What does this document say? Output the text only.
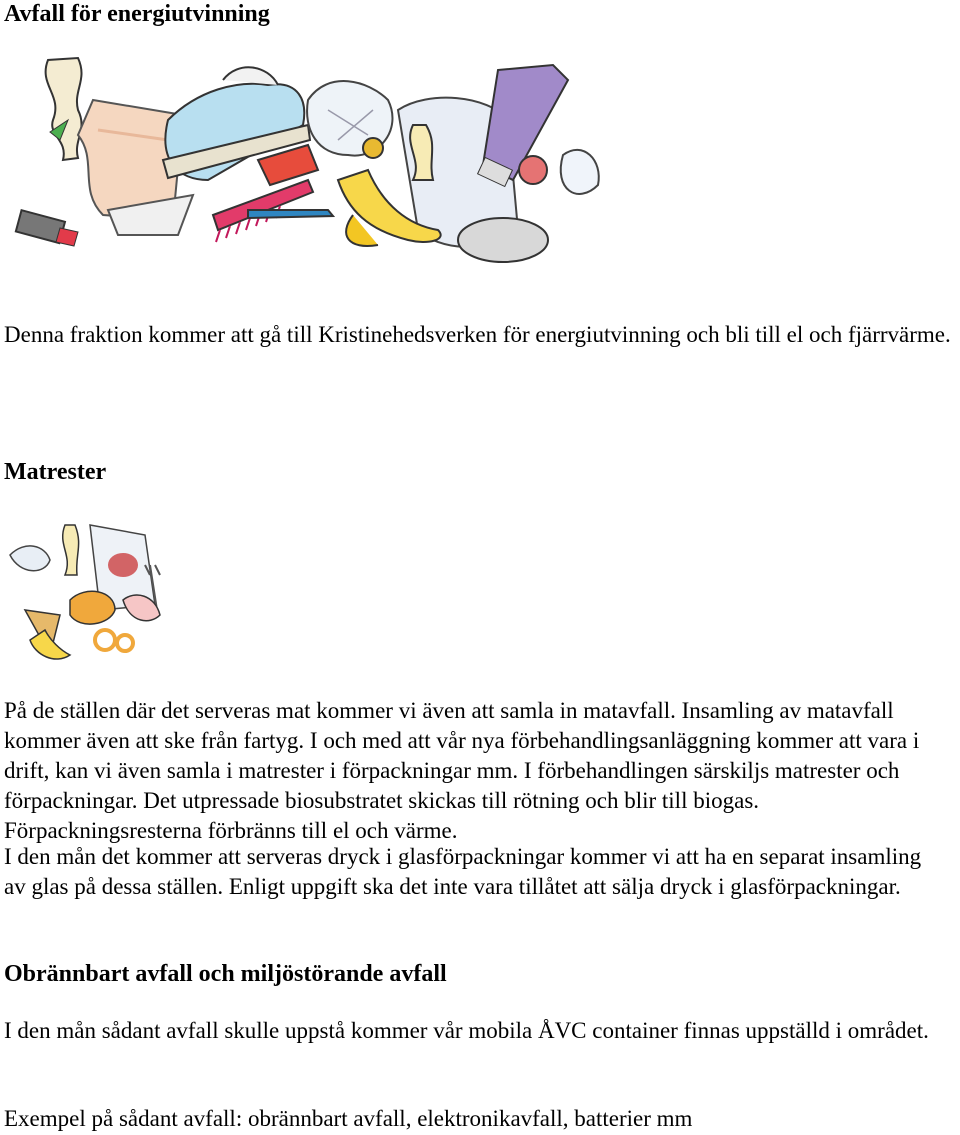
Avfall för energiutvinning

Denna fraktion kommer att gå till Kristinehedsverken för energiutvinning och bli till el och fjärrvärme.

Matrester

På de ställen där det serveras mat kommer vi även att samla in matavfall. Insamling av matavfall kommer även att ske från fartyg. I och med att vår nya förbehandlingsanläggning kommer att vara i drift, kan vi även samla i matrester i förpackningar mm. I förbehandlingen särskiljs matrester och förpackningar. Det utpressade biosubstratet skickas till rötning och blir till biogas. Förpackningsresterna förbränns till el och värme.

I den mån det kommer att serveras dryck i glasförpackningar kommer vi att ha en separat insamling av glas på dessa ställen. Enligt uppgift ska det inte vara tillåtet att sälja dryck i glasförpackningar.

Obrännbart avfall och miljöstörande avfall

I den mån sådant avfall skulle uppstå kommer vår mobila ÅVC container finnas uppställd i området.

Exempel på sådant avfall: obrännbart avfall, elektronikavfall, batterier mm
